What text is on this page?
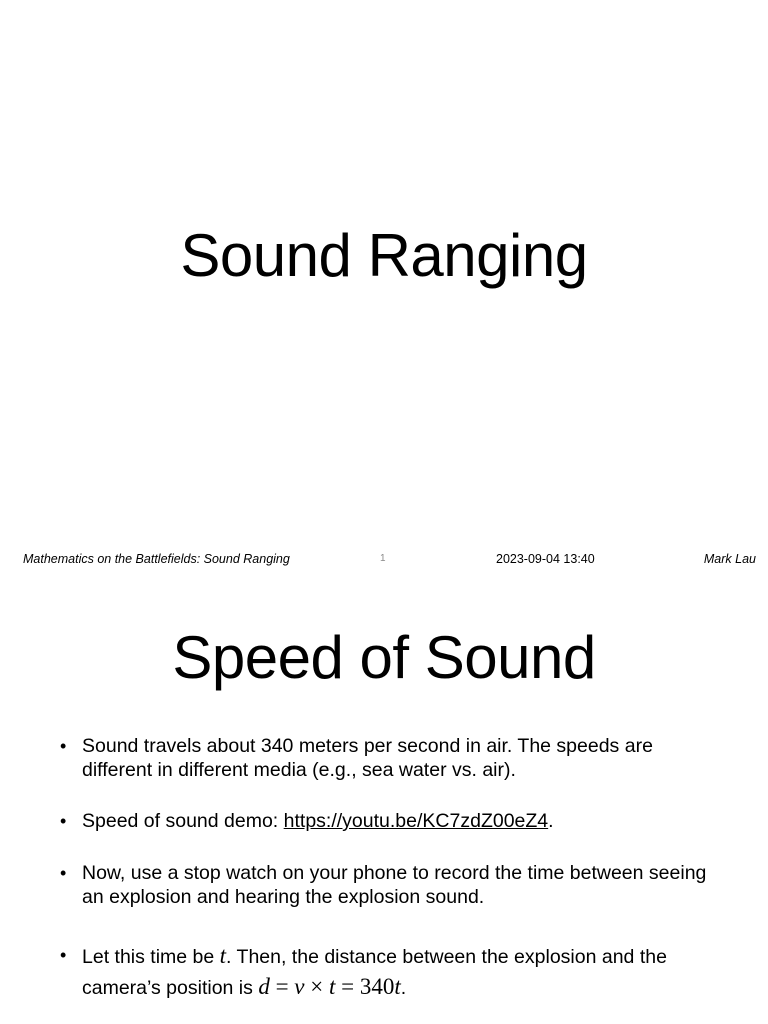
Sound Ranging
Mathematics on the Battlefields: Sound Ranging	1	2023-09-04 13:40	Mark Lau
Speed of Sound
• Sound travels about 340 meters per second in air. The speeds are different in different media (e.g., sea water vs. air).
• Speed of sound demo: https://youtu.be/KC7zdZ00eZ4.
• Now, use a stop watch on your phone to record the time between seeing an explosion and hearing the explosion sound.
• Let this time be t. Then, the distance between the explosion and the camera’s position is d = v × t = 340t.
